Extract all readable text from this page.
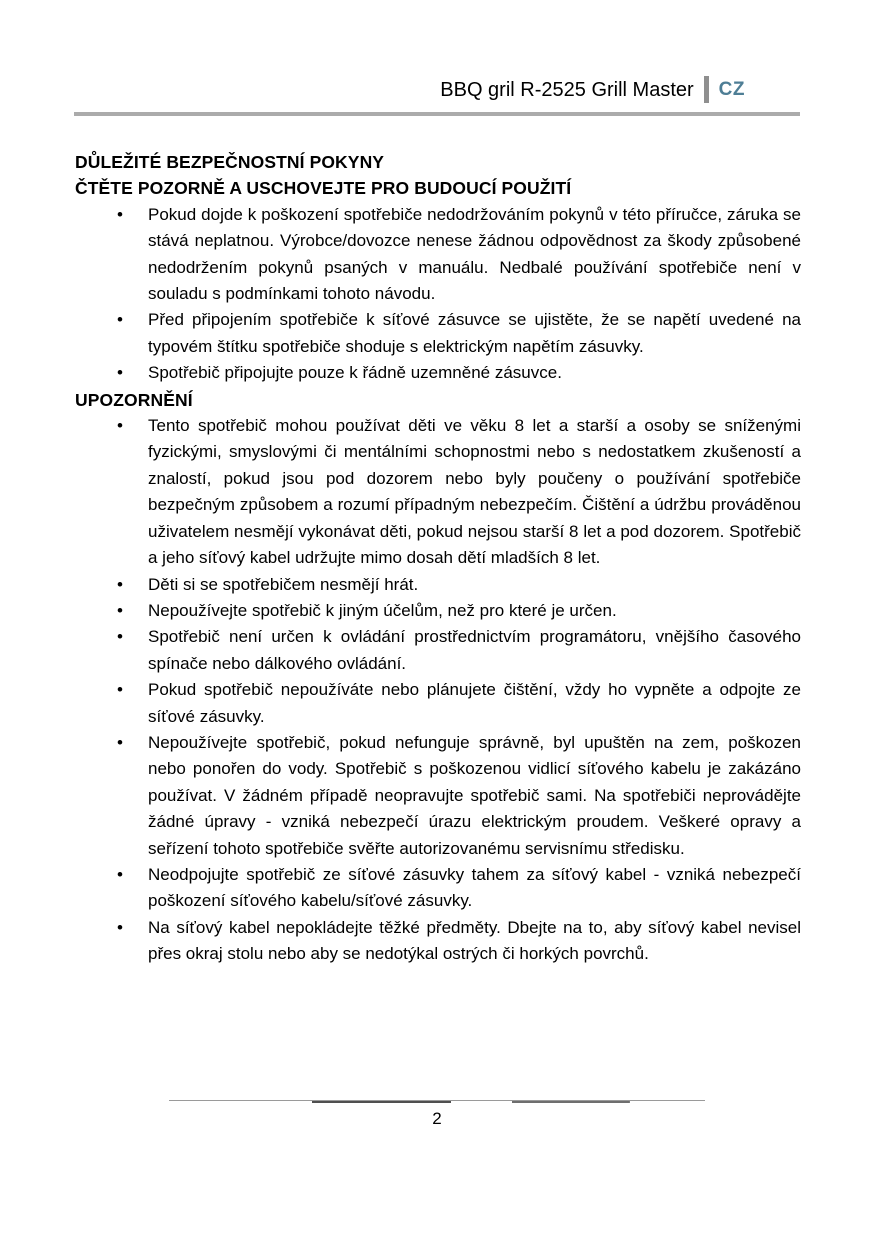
BBQ gril R-2525 Grill Master CZ
DŮLEŽITÉ BEZPEČNOSTNÍ POKYNY
ČTĚTE POZORNĚ A USCHOVEJTE PRO BUDOUCÍ POUŽITÍ
•	Pokud dojde k poškození spotřebiče nedodržováním pokynů v této příručce, záruka se stává neplatnou. Výrobce/dovozce nenese žádnou odpovědnost za škody způsobené nedodržením pokynů psaných v manuálu. Nedbalé používání spotřebiče není v souladu s podmínkami tohoto návodu.
•	Před připojením spotřebiče k síťové zásuvce se ujistěte, že se napětí uvedené na typovém štítku spotřebiče shoduje s elektrickým napětím zásuvky.
•	Spotřebič připojujte pouze k řádně uzemněné zásuvce.
UPOZORNĚNÍ
•	Tento spotřebič mohou používat děti ve věku 8 let a starší a osoby se sníženými fyzickými, smyslovými či mentálními schopnostmi nebo s nedostatkem zkušeností a znalostí, pokud jsou pod dozorem nebo byly poučeny o používání spotřebiče bezpečným způsobem a rozumí případným nebezpečím. Čištění a údržbu prováděnou uživatelem nesmějí vykonávat děti, pokud nejsou starší 8 let a pod dozorem. Spotřebič a jeho síťový kabel udržujte mimo dosah dětí mladších 8 let.
•	Děti si se spotřebičem nesmějí hrát.
•	Nepoužívejte spotřebič k jiným účelům, než pro které je určen.
•	Spotřebič není určen k ovládání prostřednictvím programátoru, vnějšího časového spínače nebo dálkového ovládání.
•	Pokud spotřebič nepoužíváte nebo plánujete čištění, vždy ho vypněte a odpojte ze síťové zásuvky.
•	Nepoužívejte spotřebič, pokud nefunguje správně, byl upuštěn na zem, poškozen nebo ponořen do vody. Spotřebič s poškozenou vidlicí síťového kabelu je zakázáno používat. V žádném případě neopravujte spotřebič sami. Na spotřebiči neprovádějte žádné úpravy - vzniká nebezpečí úrazu elektrickým proudem. Veškeré opravy a seřízení tohoto spotřebiče svěřte autorizovanému servisnímu středisku.
•	Neodpojujte spotřebič ze síťové zásuvky tahem za síťový kabel - vzniká nebezpečí poškození síťového kabelu/síťové zásuvky.
•	Na síťový kabel nepokládejte těžké předměty. Dbejte na to, aby síťový kabel nevisel přes okraj stolu nebo aby se nedotýkal ostrých či horkých povrchů.
2
